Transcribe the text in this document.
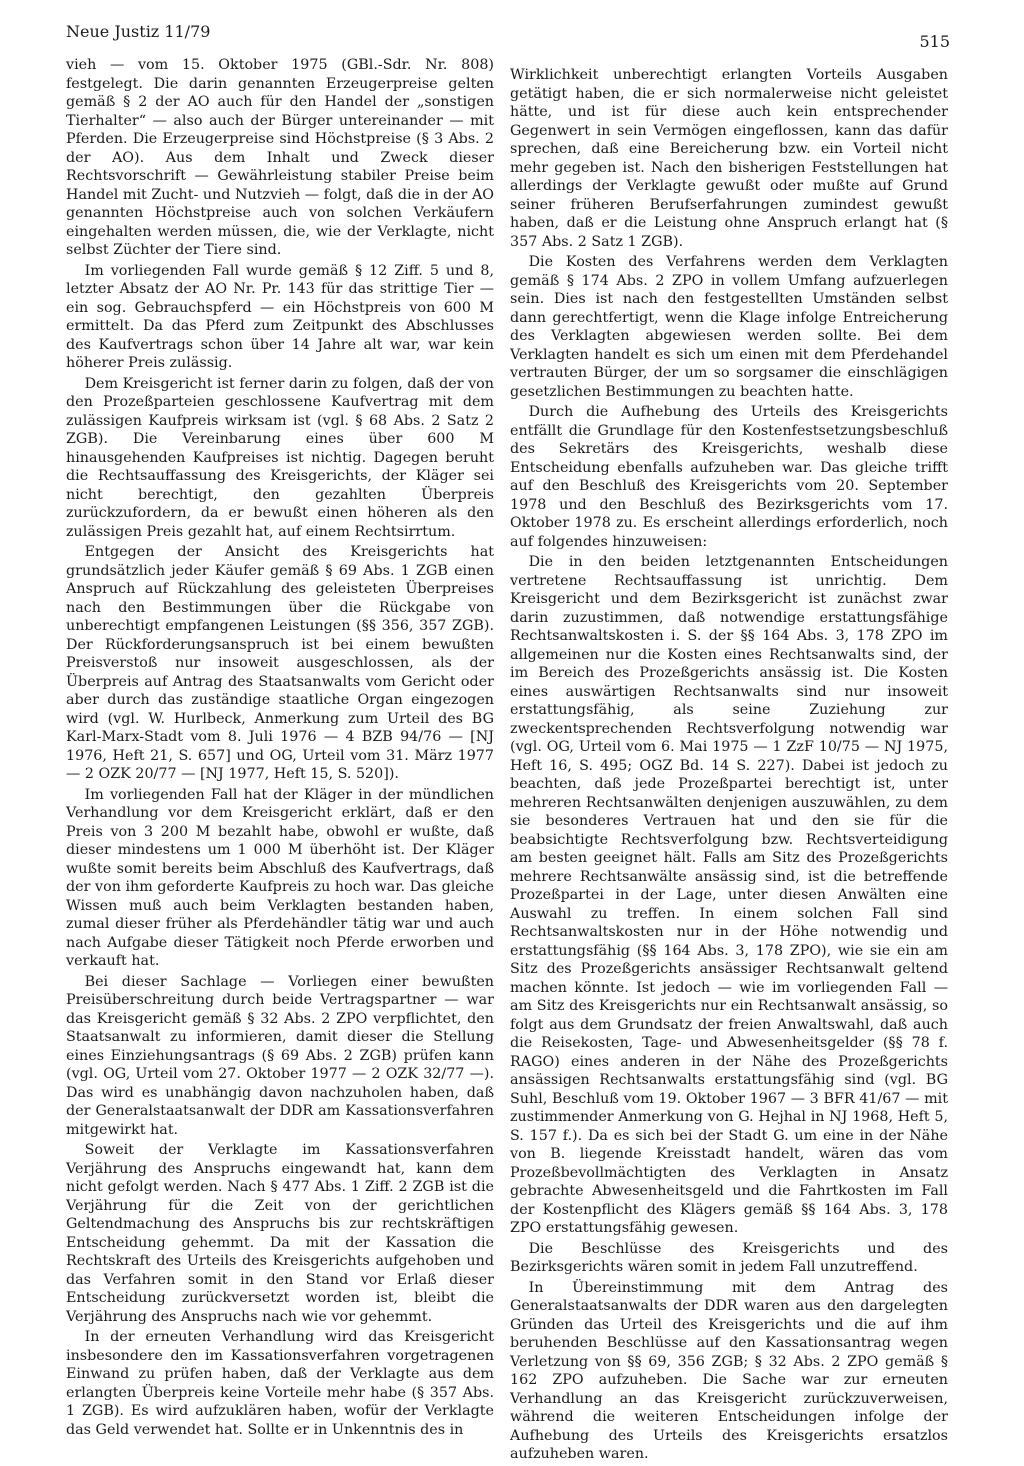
Neue Justiz 11/79
515

vieh — vom 15. Oktober 1975 (GBl.-Sdr. Nr. 808) festgelegt. Die darin genannten Erzeugerpreise gelten gemäß § 2 der AO auch für den Handel der „sonstigen Tierhalter“ — also auch der Bürger untereinander — mit Pferden. Die Erzeugerpreise sind Höchstpreise (§ 3 Abs. 2 der AO). Aus dem Inhalt und Zweck dieser Rechtsvorschrift — Gewährleistung stabiler Preise beim Handel mit Zucht- und Nutzvieh — folgt, daß die in der AO genannten Höchstpreise auch von solchen Verkäufern eingehalten werden müssen, die, wie der Verklagte, nicht selbst Züchter der Tiere sind.

Im vorliegenden Fall wurde gemäß § 12 Ziff. 5 und 8, letzter Absatz der AO Nr. Pr. 143 für das strittige Tier — ein sog. Gebrauchspferd — ein Höchstpreis von 600 M ermittelt. Da das Pferd zum Zeitpunkt des Abschlusses des Kaufvertrags schon über 14 Jahre alt war, war kein höherer Preis zulässig.

Dem Kreisgericht ist ferner darin zu folgen, daß der von den Prozeßparteien geschlossene Kaufvertrag mit dem zulässigen Kaufpreis wirksam ist (vgl. § 68 Abs. 2 Satz 2 ZGB). Die Vereinbarung eines über 600 M hinausgehenden Kaufpreises ist nichtig. Dagegen beruht die Rechtsauffassung des Kreisgerichts, der Kläger sei nicht berechtigt, den gezahlten Überpreis zurückzufordern, da er bewußt einen höheren als den zulässigen Preis gezahlt hat, auf einem Rechtsirrtum.

Entgegen der Ansicht des Kreisgerichts hat grundsätzlich jeder Käufer gemäß § 69 Abs. 1 ZGB einen Anspruch auf Rückzahlung des geleisteten Überpreises nach den Bestimmungen über die Rückgabe von unberechtigt empfangenen Leistungen (§§ 356, 357 ZGB). Der Rückforderungsanspruch ist bei einem bewußten Preisverstoß nur insoweit ausgeschlossen, als der Überpreis auf Antrag des Staatsanwalts vom Gericht oder aber durch das zuständige staatliche Organ eingezogen wird (vgl. W. Hurlbeck, Anmerkung zum Urteil des BG Karl-Marx-Stadt vom 8. Juli 1976 — 4 BZB 94/76 — [NJ 1976, Heft 21, S. 657] und OG, Urteil vom 31. März 1977 — 2 OZK 20/77 — [NJ 1977, Heft 15, S. 520]).

Im vorliegenden Fall hat der Kläger in der mündlichen Verhandlung vor dem Kreisgericht erklärt, daß er den Preis von 3 200 M bezahlt habe, obwohl er wußte, daß dieser mindestens um 1 000 M überhöht ist. Der Kläger wußte somit bereits beim Abschluß des Kaufvertrags, daß der von ihm geforderte Kaufpreis zu hoch war. Das gleiche Wissen muß auch beim Verklagten bestanden haben, zumal dieser früher als Pferdehändler tätig war und auch nach Aufgabe dieser Tätigkeit noch Pferde erworben und verkauft hat.

Bei dieser Sachlage — Vorliegen einer bewußten Preisüberschreitung durch beide Vertragspartner — war das Kreisgericht gemäß § 32 Abs. 2 ZPO verpflichtet, den Staatsanwalt zu informieren, damit dieser die Stellung eines Einziehungsantrags (§ 69 Abs. 2 ZGB) prüfen kann (vgl. OG, Urteil vom 27. Oktober 1977 — 2 OZK 32/77 —). Das wird es unabhängig davon nachzuholen haben, daß der Generalstaatsanwalt der DDR am Kassationsverfahren mitgewirkt hat.

Soweit der Verklagte im Kassationsverfahren Verjährung des Anspruchs eingewandt hat, kann dem nicht gefolgt werden. Nach § 477 Abs. 1 Ziff. 2 ZGB ist die Verjährung für die Zeit von der gerichtlichen Geltendmachung des Anspruchs bis zur rechtskräftigen Entscheidung gehemmt. Da mit der Kassation die Rechtskraft des Urteils des Kreisgerichts aufgehoben und das Verfahren somit in den Stand vor Erlaß dieser Entscheidung zurückversetzt worden ist, bleibt die Verjährung des Anspruchs nach wie vor gehemmt.

In der erneuten Verhandlung wird das Kreisgericht insbesondere den im Kassationsverfahren vorgetragenen Einwand zu prüfen haben, daß der Verklagte aus dem erlangten Überpreis keine Vorteile mehr habe (§ 357 Abs. 1 ZGB). Es wird aufzuklären haben, wofür der Verklagte das Geld verwendet hat. Sollte er in Unkenntnis des in

Wirklichkeit unberechtigt erlangten Vorteils Ausgaben getätigt haben, die er sich normalerweise nicht geleistet hätte, und ist für diese auch kein entsprechender Gegenwert in sein Vermögen eingeflossen, kann das dafür sprechen, daß eine Bereicherung bzw. ein Vorteil nicht mehr gegeben ist. Nach den bisherigen Feststellungen hat allerdings der Verklagte gewußt oder mußte auf Grund seiner früheren Berufserfahrungen zumindest gewußt haben, daß er die Leistung ohne Anspruch erlangt hat (§ 357 Abs. 2 Satz 1 ZGB).

Die Kosten des Verfahrens werden dem Verklagten gemäß § 174 Abs. 2 ZPO in vollem Umfang aufzuerlegen sein. Dies ist nach den festgestellten Umständen selbst dann gerechtfertigt, wenn die Klage infolge Entreicherung des Verklagten abgewiesen werden sollte. Bei dem Verklagten handelt es sich um einen mit dem Pferdehandel vertrauten Bürger, der um so sorgsamer die einschlägigen gesetzlichen Bestimmungen zu beachten hatte.

Durch die Aufhebung des Urteils des Kreisgerichts entfällt die Grundlage für den Kostenfestsetzungsbeschluß des Sekretärs des Kreisgerichts, weshalb diese Entscheidung ebenfalls aufzuheben war. Das gleiche trifft auf den Beschluß des Kreisgerichts vom 20. September 1978 und den Beschluß des Bezirksgerichts vom 17. Oktober 1978 zu. Es erscheint allerdings erforderlich, noch auf folgendes hinzuweisen:

Die in den beiden letztgenannten Entscheidungen vertretene Rechtsauffassung ist unrichtig. Dem Kreisgericht und dem Bezirksgericht ist zunächst zwar darin zuzustimmen, daß notwendige erstattungsfähige Rechtsanwaltskosten i. S. der §§ 164 Abs. 3, 178 ZPO im allgemeinen nur die Kosten eines Rechtsanwalts sind, der im Bereich des Prozeßgerichts ansässig ist. Die Kosten eines auswärtigen Rechtsanwalts sind nur insoweit erstattungsfähig, als seine Zuziehung zur zweckentsprechenden Rechtsverfolgung notwendig war (vgl. OG, Urteil vom 6. Mai 1975 — 1 ZzF 10/75 — NJ 1975, Heft 16, S. 495; OGZ Bd. 14 S. 227). Dabei ist jedoch zu beachten, daß jede Prozeßpartei berechtigt ist, unter mehreren Rechtsanwälten denjenigen auszuwählen, zu dem sie besonderes Vertrauen hat und den sie für die beabsichtigte Rechtsverfolgung bzw. Rechtsverteidigung am besten geeignet hält. Falls am Sitz des Prozeßgerichts mehrere Rechtsanwälte ansässig sind, ist die betreffende Prozeßpartei in der Lage, unter diesen Anwälten eine Auswahl zu treffen. In einem solchen Fall sind Rechtsanwaltskosten nur in der Höhe notwendig und erstattungsfähig (§§ 164 Abs. 3, 178 ZPO), wie sie ein am Sitz des Prozeßgerichts ansässiger Rechtsanwalt geltend machen könnte. Ist jedoch — wie im vorliegenden Fall — am Sitz des Kreisgerichts nur ein Rechtsanwalt ansässig, so folgt aus dem Grundsatz der freien Anwaltswahl, daß auch die Reisekosten, Tage- und Abwesenheitsgelder (§§ 78 f. RAGO) eines anderen in der Nähe des Prozeßgerichts ansässigen Rechtsanwalts erstattungsfähig sind (vgl. BG Suhl, Beschluß vom 19. Oktober 1967 — 3 BFR 41/67 — mit zustimmender Anmerkung von G. Hejhal in NJ 1968, Heft 5, S. 157 f.). Da es sich bei der Stadt G. um eine in der Nähe von B. liegende Kreisstadt handelt, wären das vom Prozeßbevollmächtigten des Verklagten in Ansatz gebrachte Abwesenheitsgeld und die Fahrtkosten im Fall der Kostenpflicht des Klägers gemäß §§ 164 Abs. 3, 178 ZPO erstattungsfähig gewesen.

Die Beschlüsse des Kreisgerichts und des Bezirksgerichts wären somit in jedem Fall unzutreffend.

In Übereinstimmung mit dem Antrag des Generalstaatsanwalts der DDR waren aus den dargelegten Gründen das Urteil des Kreisgerichts und die auf ihm beruhenden Beschlüsse auf den Kassationsantrag wegen Verletzung von §§ 69, 356 ZGB; § 32 Abs. 2 ZPO gemäß § 162 ZPO aufzuheben. Die Sache war zur erneuten Verhandlung an das Kreisgericht zurückzuverweisen, während die weiteren Entscheidungen infolge der Aufhebung des Urteils des Kreisgerichts ersatzlos aufzuheben waren.
